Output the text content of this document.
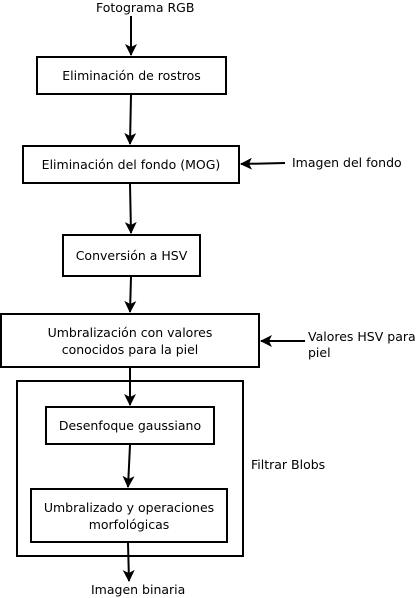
Fotograma RGB
Eliminación de rostros
Eliminación del fondo (MOG)	Imagen del fondo
Conversión a HSV
Umbralización con valores conocidos para la piel
Valores HSV para piel
Filtrar Blobs
Desenfoque gaussiano
Umbralizado y operaciones morfológicas
Imagen binaria
